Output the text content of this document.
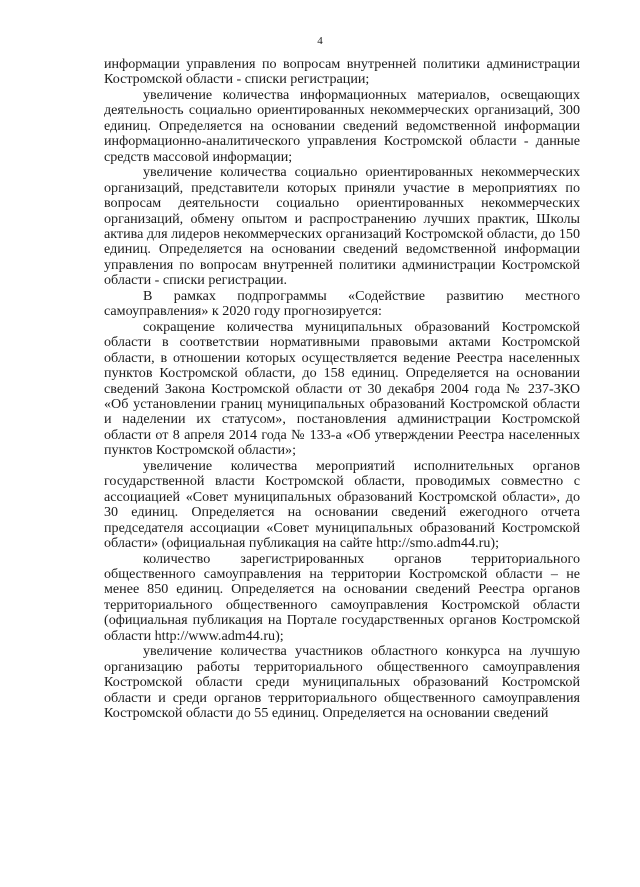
4

информации управления по вопросам внутренней политики администрации Костромской области - списки регистрации;

увеличение количества информационных материалов, освещающих деятельность социально ориентированных некоммерческих организаций, 300 единиц. Определяется на основании сведений ведомственной информации информационно-аналитического управления Костромской области - данные средств массовой информации;

увеличение количества социально ориентированных некоммерческих организаций, представители которых приняли участие в мероприятиях по вопросам деятельности социально ориентированных некоммерческих организаций, обмену опытом и распространению лучших практик, Школы актива для лидеров некоммерческих организаций Костромской области, до 150 единиц. Определяется на основании сведений ведомственной информации управления по вопросам внутренней политики администрации Костромской области - списки регистрации.

В рамках подпрограммы «Содействие развитию местного самоуправления» к 2020 году прогнозируется:

сокращение количества муниципальных образований Костромской области в соответствии нормативными правовыми актами Костромской области, в отношении которых осуществляется ведение Реестра населенных пунктов Костромской области, до 158 единиц. Определяется на основании сведений Закона Костромской области от 30 декабря 2004 года № 237-ЗКО «Об установлении границ муниципальных образований Костромской области и наделении их статусом», постановления администрации Костромской области от 8 апреля 2014 года № 133-а «Об утверждении Реестра населенных пунктов Костромской области»;

увеличение количества мероприятий исполнительных органов государственной власти Костромской области, проводимых совместно с ассоциацией «Совет муниципальных образований Костромской области», до 30 единиц. Определяется на основании сведений ежегодного отчета председателя ассоциации «Совет муниципальных образований Костромской области» (официальная публикация на сайте http://smo.adm44.ru);

количество зарегистрированных органов территориального общественного самоуправления на территории Костромской области – не менее 850 единиц. Определяется на основании сведений Реестра органов территориального общественного самоуправления Костромской области (официальная публикация на Портале государственных органов Костромской области http://www.adm44.ru);

увеличение количества участников областного конкурса на лучшую организацию работы территориального общественного самоуправления Костромской области среди муниципальных образований Костромской области и среди органов территориального общественного самоуправления Костромской области до 55 единиц. Определяется на основании сведений
